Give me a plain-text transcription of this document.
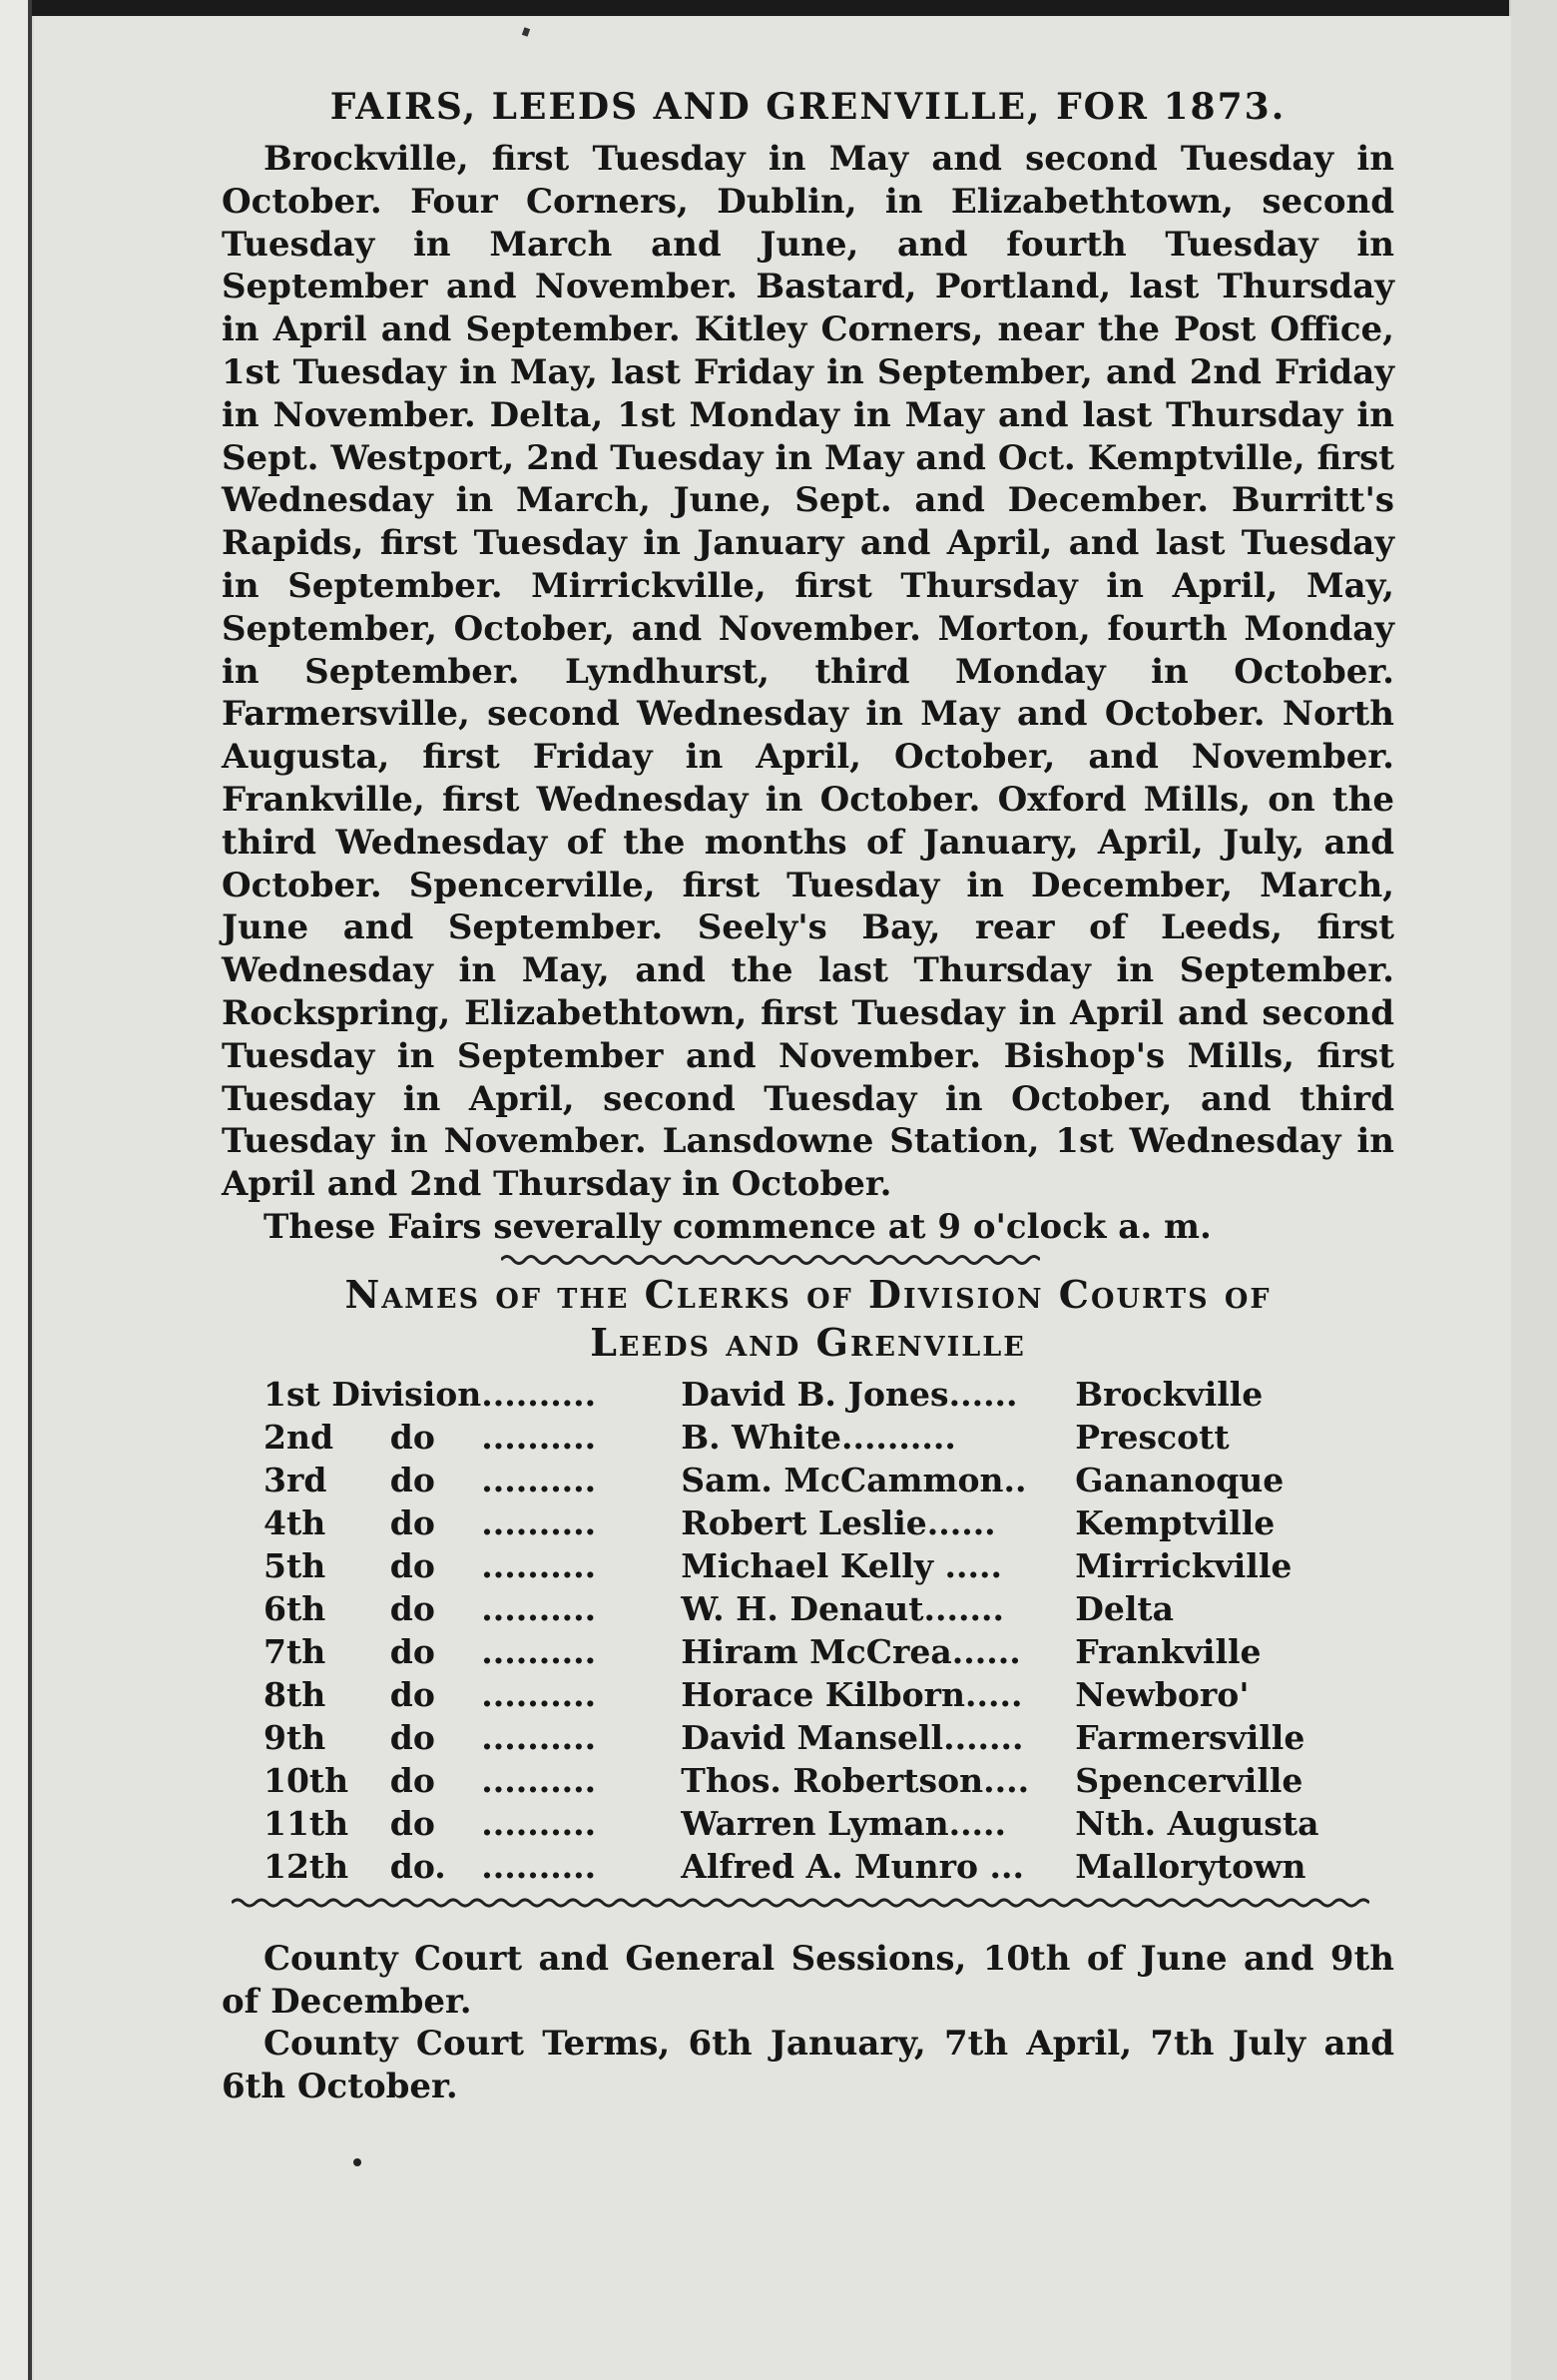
FAIRS, LEEDS AND GRENVILLE, FOR 1873.

Brockville, first Tuesday in May and second Tuesday in October. Four Corners, Dublin, in Elizabethtown, second Tuesday in March and June, and fourth Tuesday in September and November. Bastard, Portland, last Thursday in April and September. Kitley Corners, near the Post Office, 1st Tuesday in May, last Friday in September, and 2nd Friday in November. Delta, 1st Monday in May and last Thursday in Sept. Westport, 2nd Tuesday in May and Oct. Kemptville, first Wednesday in March, June, Sept. and December. Burritt's Rapids, first Tuesday in January and April, and last Tuesday in September. Mirrickville, first Thursday in April, May, September, October, and November. Morton, fourth Monday in September. Lyndhurst, third Monday in October. Farmersville, second Wednesday in May and October. North Augusta, first Friday in April, October, and November. Frankville, first Wednesday in October. Oxford Mills, on the third Wednesday of the months of January, April, July, and October. Spencerville, first Tuesday in December, March, June and September. Seely's Bay, rear of Leeds, first Wednesday in May, and the last Thursday in September. Rockspring, Elizabethtown, first Tuesday in April and second Tuesday in September and November. Bishop's Mills, first Tuesday in April, second Tuesday in October, and third Tuesday in November. Lansdowne Station, 1st Wednesday in April and 2nd Thursday in October.

These Fairs severally commence at 9 o'clock a. m.

Names of the Clerks of Division Courts of
Leeds and Grenville
1st Division		..........	David B. Jones......	Brockville
2nd	do	..........	B. White..........	Prescott
3rd	do	..........	Sam. McCammon..	Gananoque
4th	do	..........	Robert Leslie......	Kemptville
5th	do	..........	Michael Kelly .....	Mirrickville
6th	do	..........	W. H. Denaut.......	Delta
7th	do	..........	Hiram McCrea......	Frankville
8th	do	..........	Horace Kilborn.....	Newboro'
9th	do	..........	David Mansell.......	Farmersville
10th	do	..........	Thos. Robertson....	Spencerville
11th	do	..........	Warren Lyman.....	Nth. Augusta
12th	do.	..........	Alfred A. Munro ...	Mallorytown

County Court and General Sessions, 10th of June and 9th of December.

County Court Terms, 6th January, 7th April, 7th July and 6th October.
